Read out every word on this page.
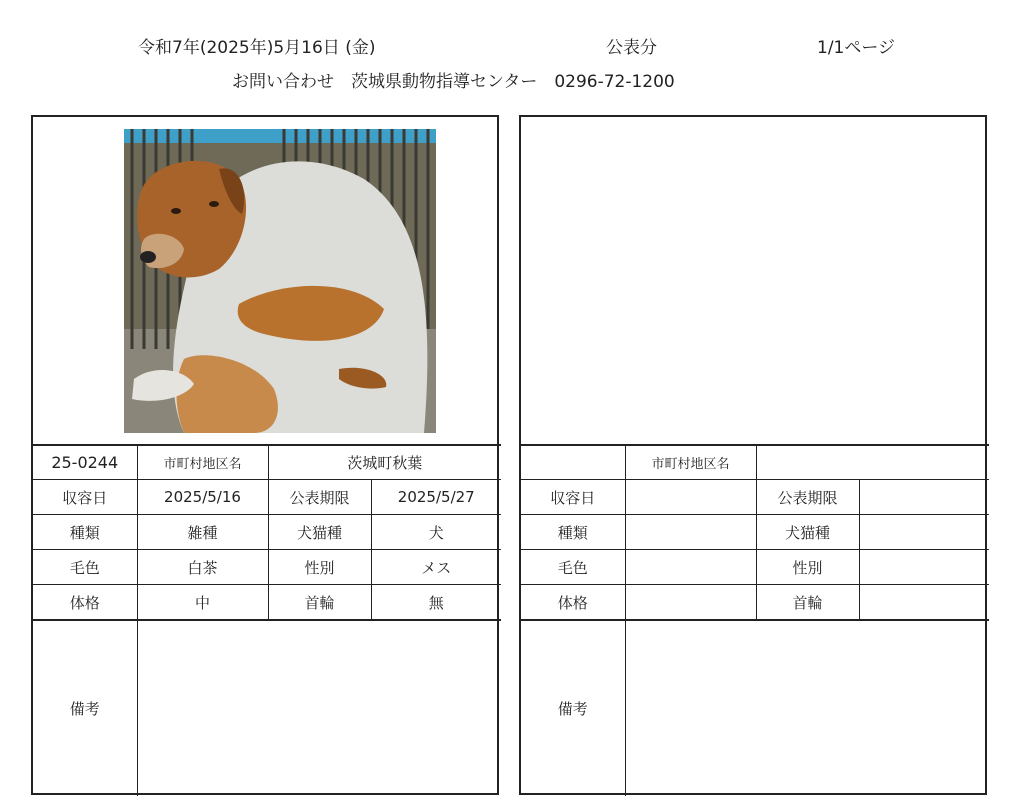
令和7年(2025年)5月16日 (金)	公表分	1/1ページ
お問い合わせ　茨城県動物指導センター　0296-72-1200
25-0244	市町村地区名	茨城町秋葉	
収容日	2025/5/16	公表期限	2025/5/27
種類	雑種	犬猫種	犬
毛色	白茶	性別	メス
体格	中	首輪	無
備考			
	市町村地区名		
収容日		公表期限	
種類		犬猫種	
毛色		性別	
体格		首輪	
備考			
